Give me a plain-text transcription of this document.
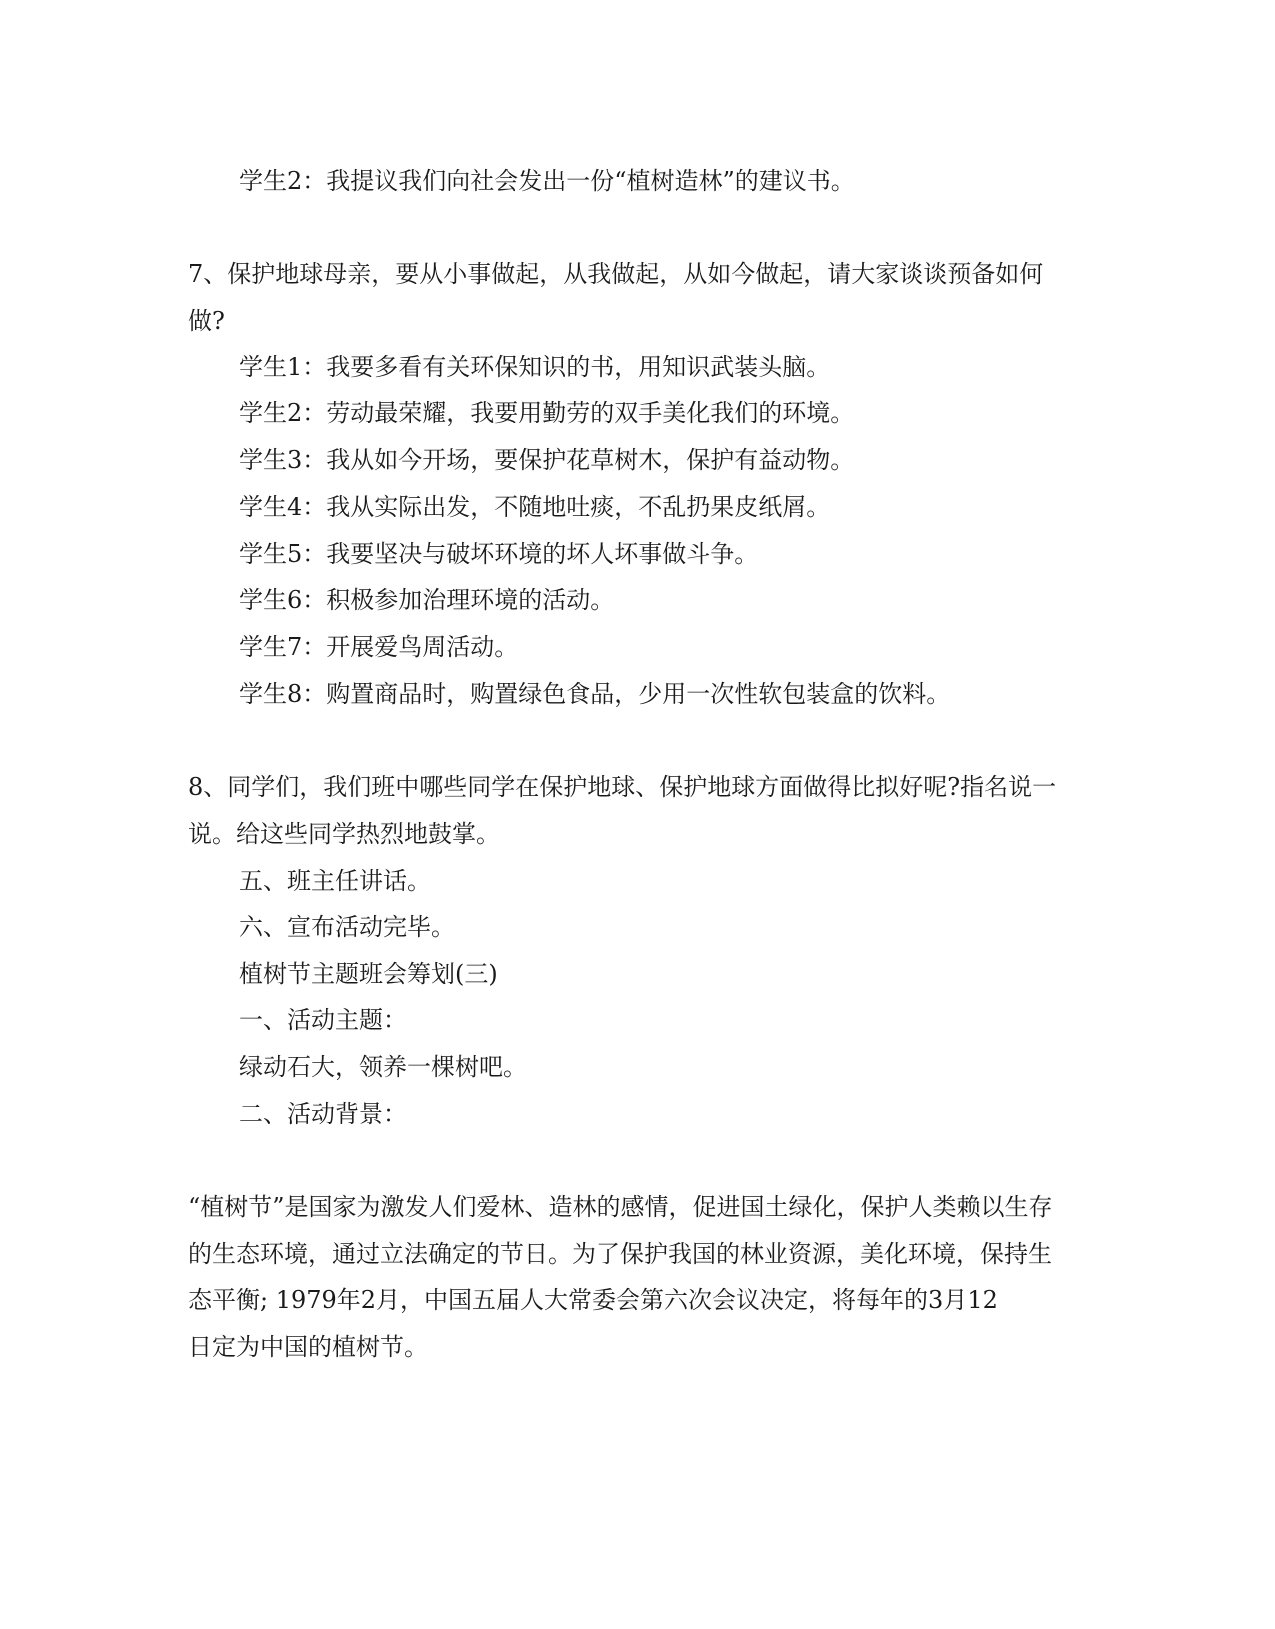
学生2：我提议我们向社会发出一份“植树造林”的建议书。

7、保护地球母亲，要从小事做起，从我做起，从如今做起，请大家谈谈预备如何

做?

学生1：我要多看有关环保知识的书，用知识武装头脑。

学生2：劳动最荣耀，我要用勤劳的双手美化我们的环境。

学生3：我从如今开场，要保护花草树木，保护有益动物。

学生4：我从实际出发，不随地吐痰，不乱扔果皮纸屑。

学生5：我要坚决与破坏环境的坏人坏事做斗争。

学生6：积极参加治理环境的活动。

学生7：开展爱鸟周活动。

学生8：购置商品时，购置绿色食品，少用一次性软包装盒的饮料。

8、同学们，我们班中哪些同学在保护地球、保护地球方面做得比拟好呢?指名说一

说。给这些同学热烈地鼓掌。

五、班主任讲话。

六、宣布活动完毕。

植树节主题班会筹划(三)

一、活动主题：

绿动石大，领养一棵树吧。

二、活动背景：

“植树节”是国家为激发人们爱林、造林的感情，促进国土绿化，保护人类赖以生存

的生态环境，通过立法确定的节日。为了保护我国的林业资源，美化环境，保持生

态平衡; 1979年2月，中国五届人大常委会第六次会议决定，将每年的3月12

日定为中国的植树节。
